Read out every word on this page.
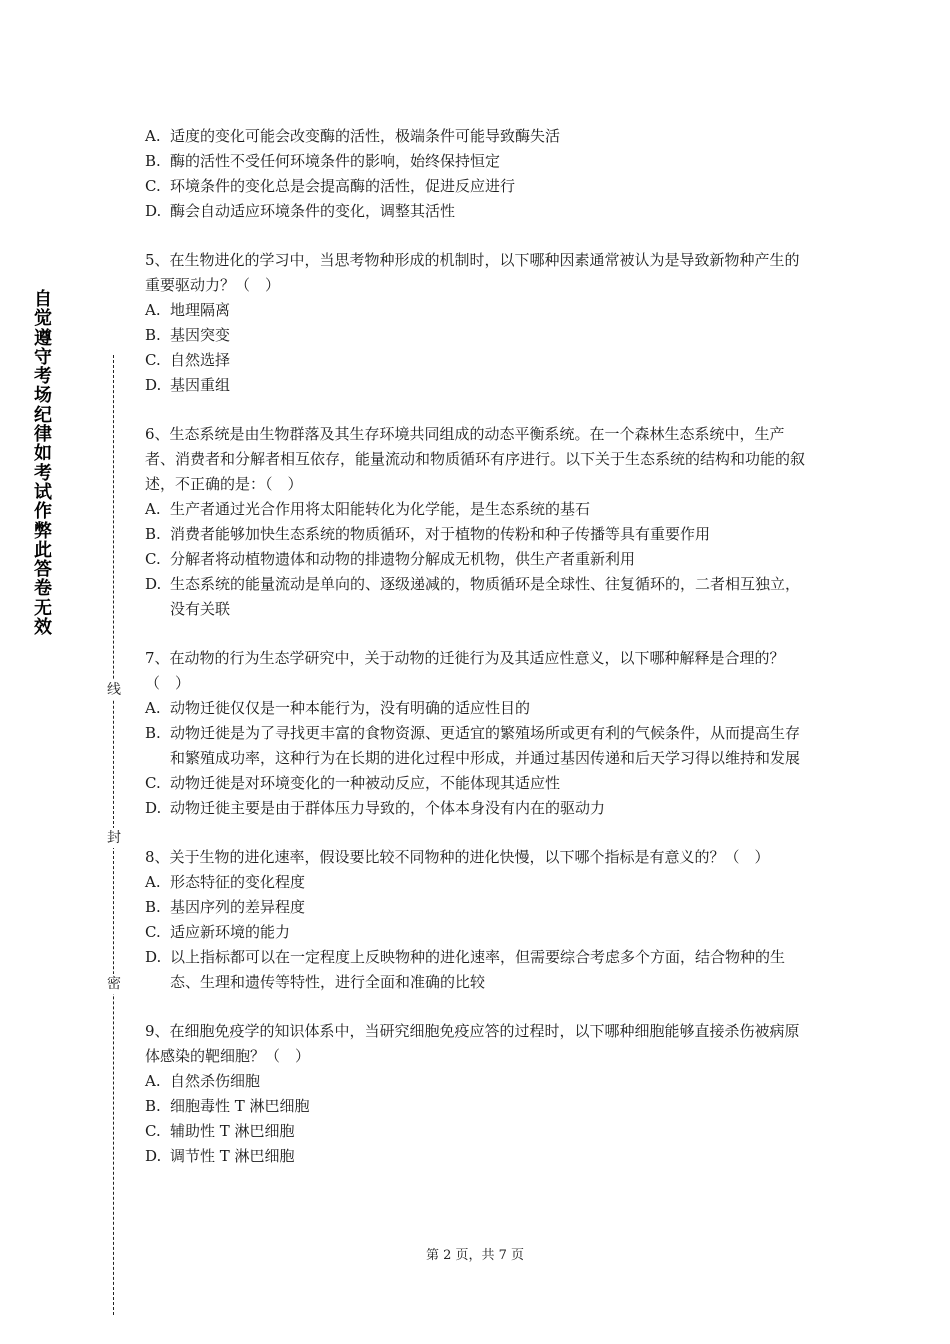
自觉遵守考场纪律如考试作弊此答卷无效
线
封
密

A. 适度的变化可能会改变酶的活性，极端条件可能导致酶失活

B. 酶的活性不受任何环境条件的影响，始终保持恒定

C. 环境条件的变化总是会提高酶的活性，促进反应进行

D. 酶会自动适应环境条件的变化，调整其活性

5、在生物进化的学习中，当思考物种形成的机制时，以下哪种因素通常被认为是导致新物种产生的重要驱动力？（　）

A. 地理隔离

B. 基因突变

C. 自然选择

D. 基因重组

6、生态系统是由生物群落及其生存环境共同组成的动态平衡系统。在一个森林生态系统中，生产者、消费者和分解者相互依存，能量流动和物质循环有序进行。以下关于生态系统的结构和功能的叙述，不正确的是：（　）

A. 生产者通过光合作用将太阳能转化为化学能，是生态系统的基石

B. 消费者能够加快生态系统的物质循环，对于植物的传粉和种子传播等具有重要作用

C. 分解者将动植物遗体和动物的排遗物分解成无机物，供生产者重新利用

D. 生态系统的能量流动是单向的、逐级递减的，物质循环是全球性、往复循环的，二者相互独立，没有关联

7、在动物的行为生态学研究中，关于动物的迁徙行为及其适应性意义，以下哪种解释是合理的？（　）

A. 动物迁徙仅仅是一种本能行为，没有明确的适应性目的

B. 动物迁徙是为了寻找更丰富的食物资源、更适宜的繁殖场所或更有利的气候条件，从而提高生存和繁殖成功率，这种行为在长期的进化过程中形成，并通过基因传递和后天学习得以维持和发展

C. 动物迁徙是对环境变化的一种被动反应，不能体现其适应性

D. 动物迁徙主要是由于群体压力导致的，个体本身没有内在的驱动力

8、关于生物的进化速率，假设要比较不同物种的进化快慢，以下哪个指标是有意义的？（　）

A. 形态特征的变化程度

B. 基因序列的差异程度

C. 适应新环境的能力

D. 以上指标都可以在一定程度上反映物种的进化速率，但需要综合考虑多个方面，结合物种的生态、生理和遗传等特性，进行全面和准确的比较

9、在细胞免疫学的知识体系中，当研究细胞免疫应答的过程时，以下哪种细胞能够直接杀伤被病原体感染的靶细胞？（　）

A. 自然杀伤细胞

B. 细胞毒性 T 淋巴细胞

C. 辅助性 T 淋巴细胞

D. 调节性 T 淋巴细胞

第 2 页，共 7 页
